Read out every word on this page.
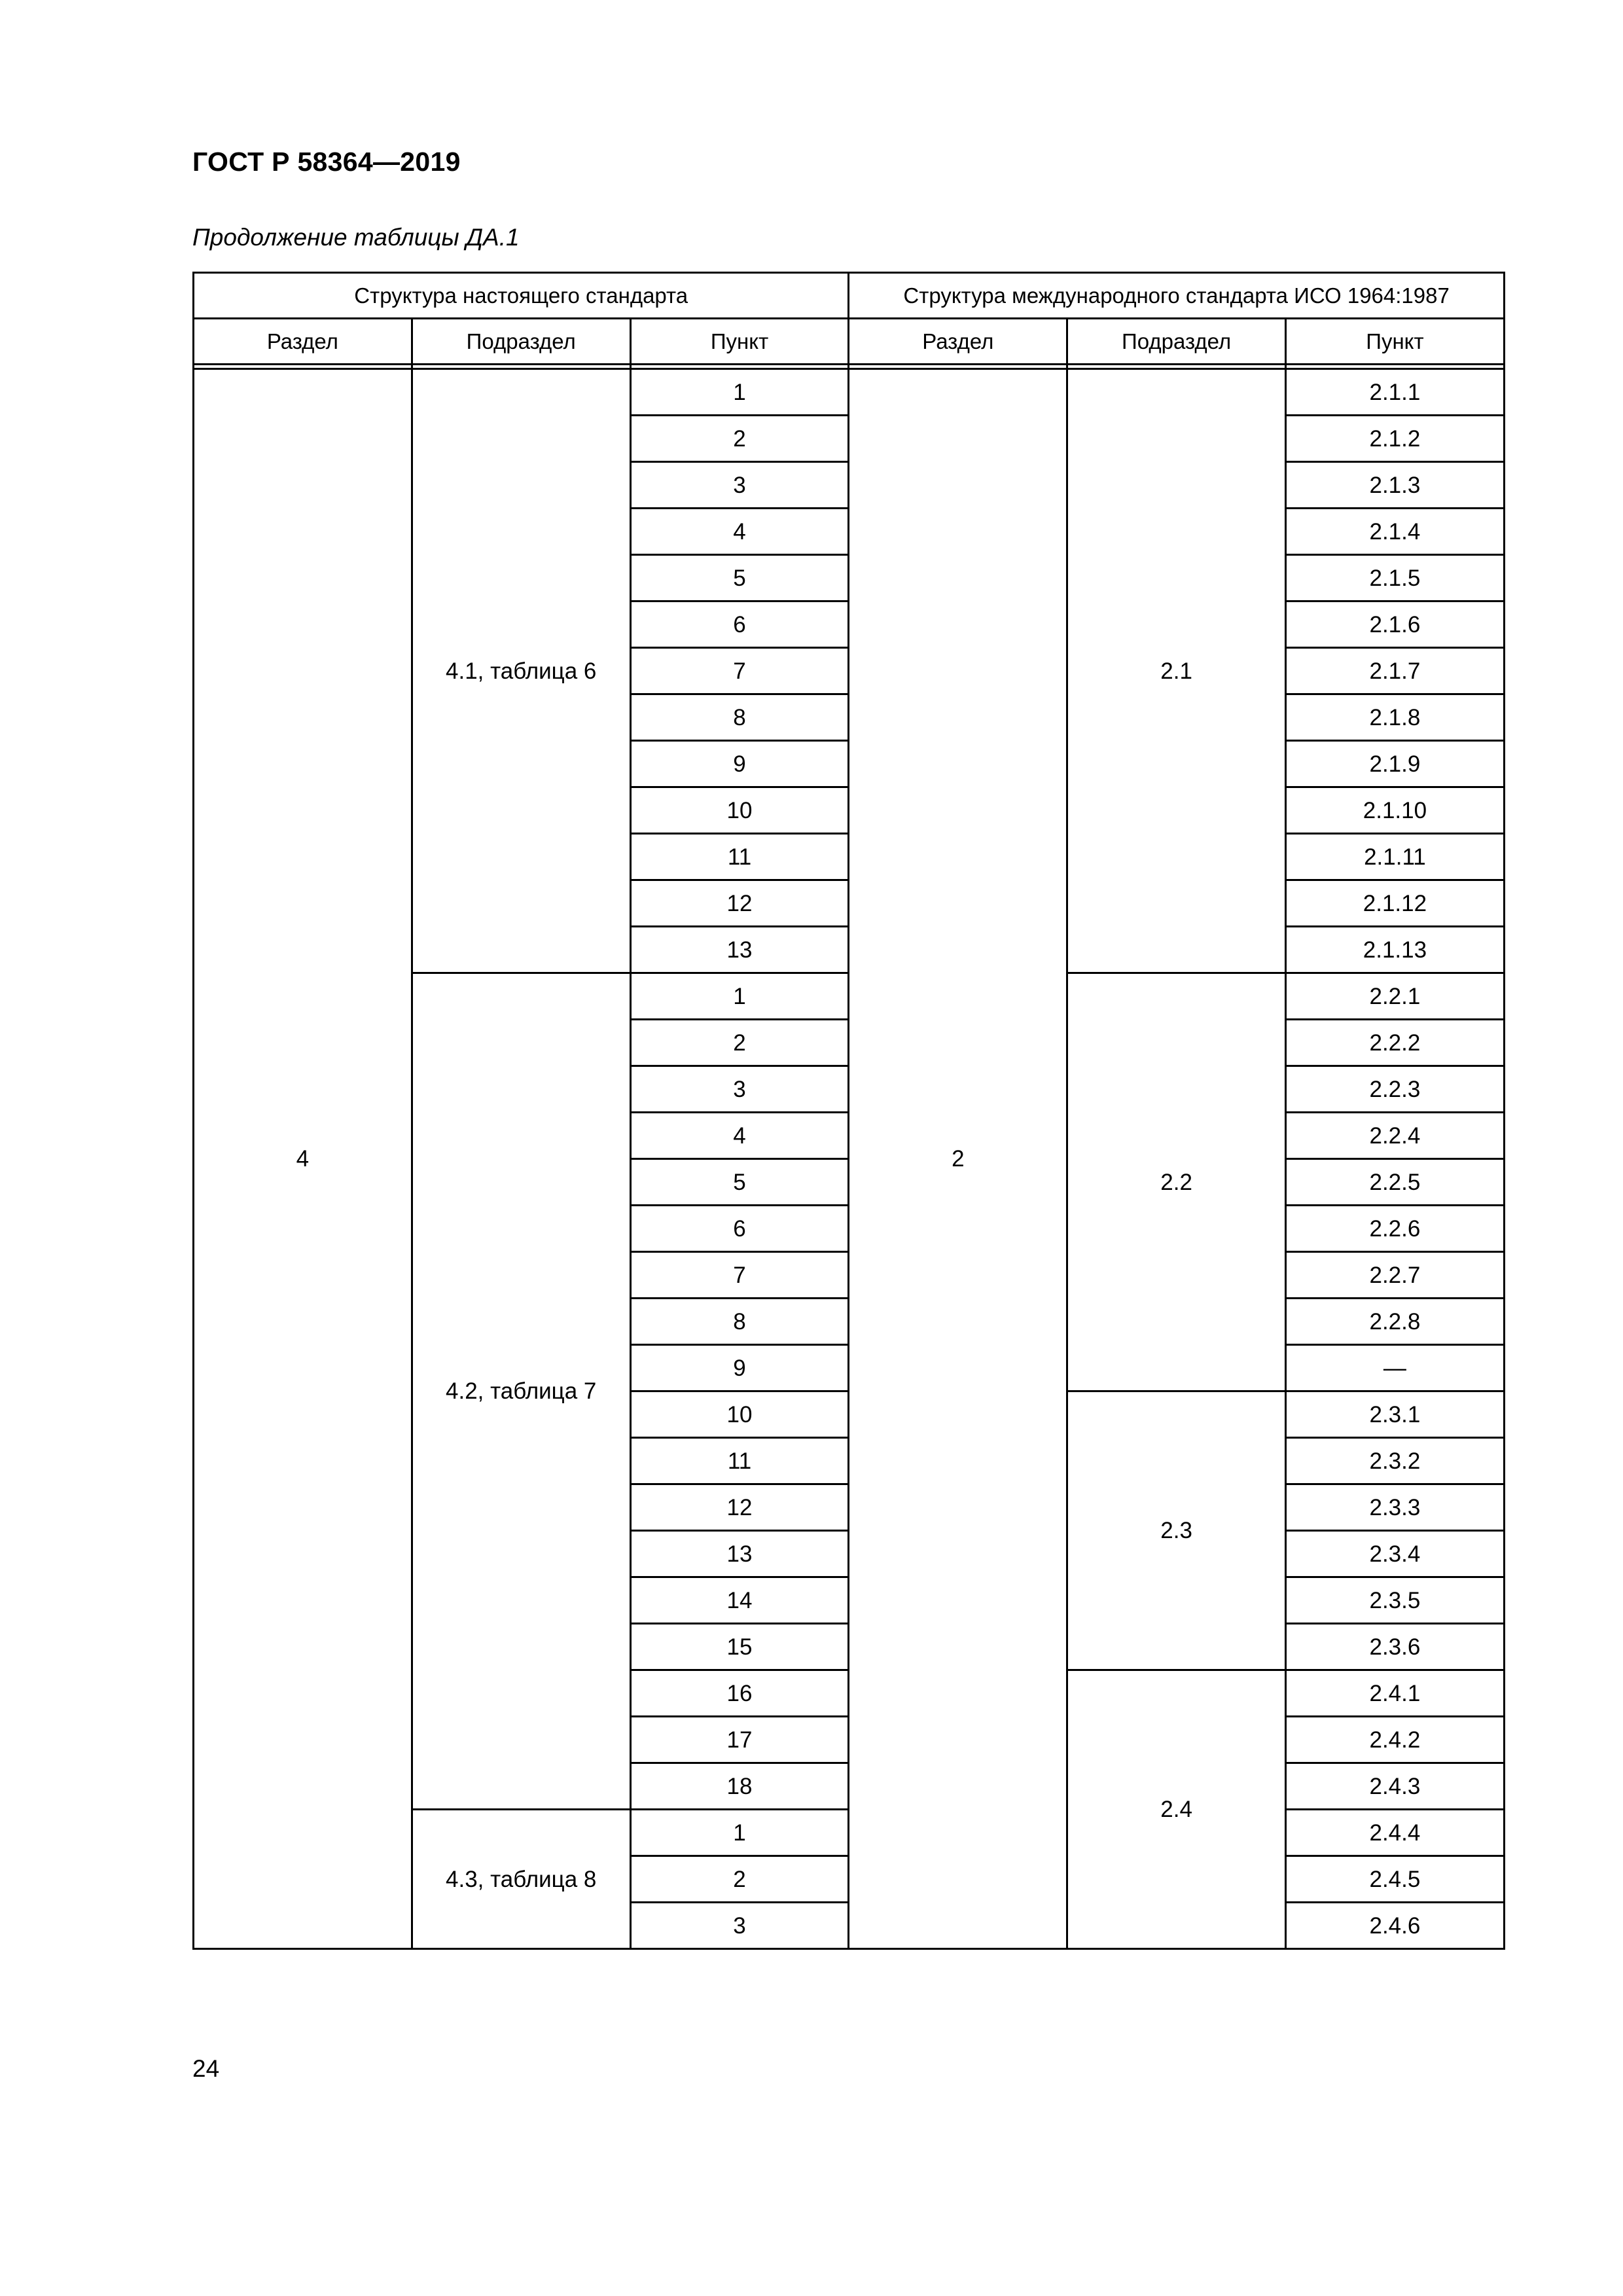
ГОСТ Р 58364—2019
Продолжение таблицы ДА.1
Структура настоящего стандарта			Структура международного стандарта ИСО 1964:1987		
Раздел	Подраздел	Пункт	Раздел	Подраздел	Пункт

4	4.1, таблица 6	1	2	2.1	2.1.1
		2			2.1.2
		3			2.1.3
		4			2.1.4
		5			2.1.5
		6			2.1.6
		7			2.1.7
		8			2.1.8
		9			2.1.9
		10			2.1.10
		11			2.1.11
		12			2.1.12
		13			2.1.13
	4.2, таблица 7	1		2.2	2.2.1
		2			2.2.2
		3			2.2.3
		4			2.2.4
		5			2.2.5
		6			2.2.6
		7			2.2.7
		8			2.2.8
		9			—
		10		2.3	2.3.1
		11			2.3.2
		12			2.3.3
		13			2.3.4
		14			2.3.5
		15			2.3.6
		16		2.4	2.4.1
		17			2.4.2
		18			2.4.3
	4.3, таблица 8	1			2.4.4
		2			2.4.5
		3			2.4.6
24
